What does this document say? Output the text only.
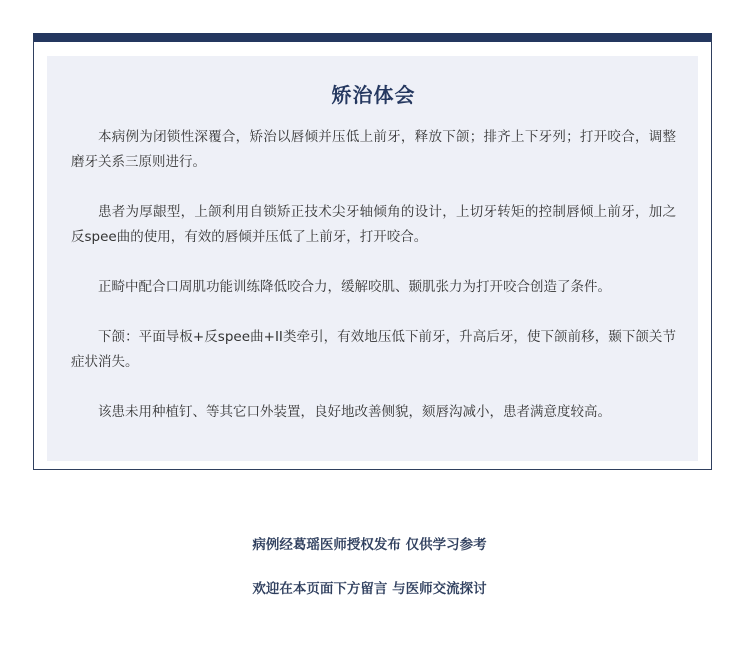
矫治体会

本病例为闭锁性深覆合，矫治以唇倾并压低上前牙，释放下颌；排齐上下牙列；打开咬合，调整磨牙关系三原则进行。

患者为厚龈型，上颌利用自锁矫正技术尖牙轴倾角的设计，上切牙转矩的控制唇倾上前牙，加之反spee曲的使用，有效的唇倾并压低了上前牙，打开咬合。

正畸中配合口周肌功能训练降低咬合力，缓解咬肌、颞肌张力为打开咬合创造了条件。

下颌：平面导板+反spee曲+II类牵引，有效地压低下前牙，升高后牙，使下颌前移，颞下颌关节症状消失。

该患未用种植钉、等其它口外装置，良好地改善侧貌，颏唇沟减小，患者满意度较高。

病例经葛瑶医师授权发布 仅供学习参考
欢迎在本页面下方留言 与医师交流探讨
